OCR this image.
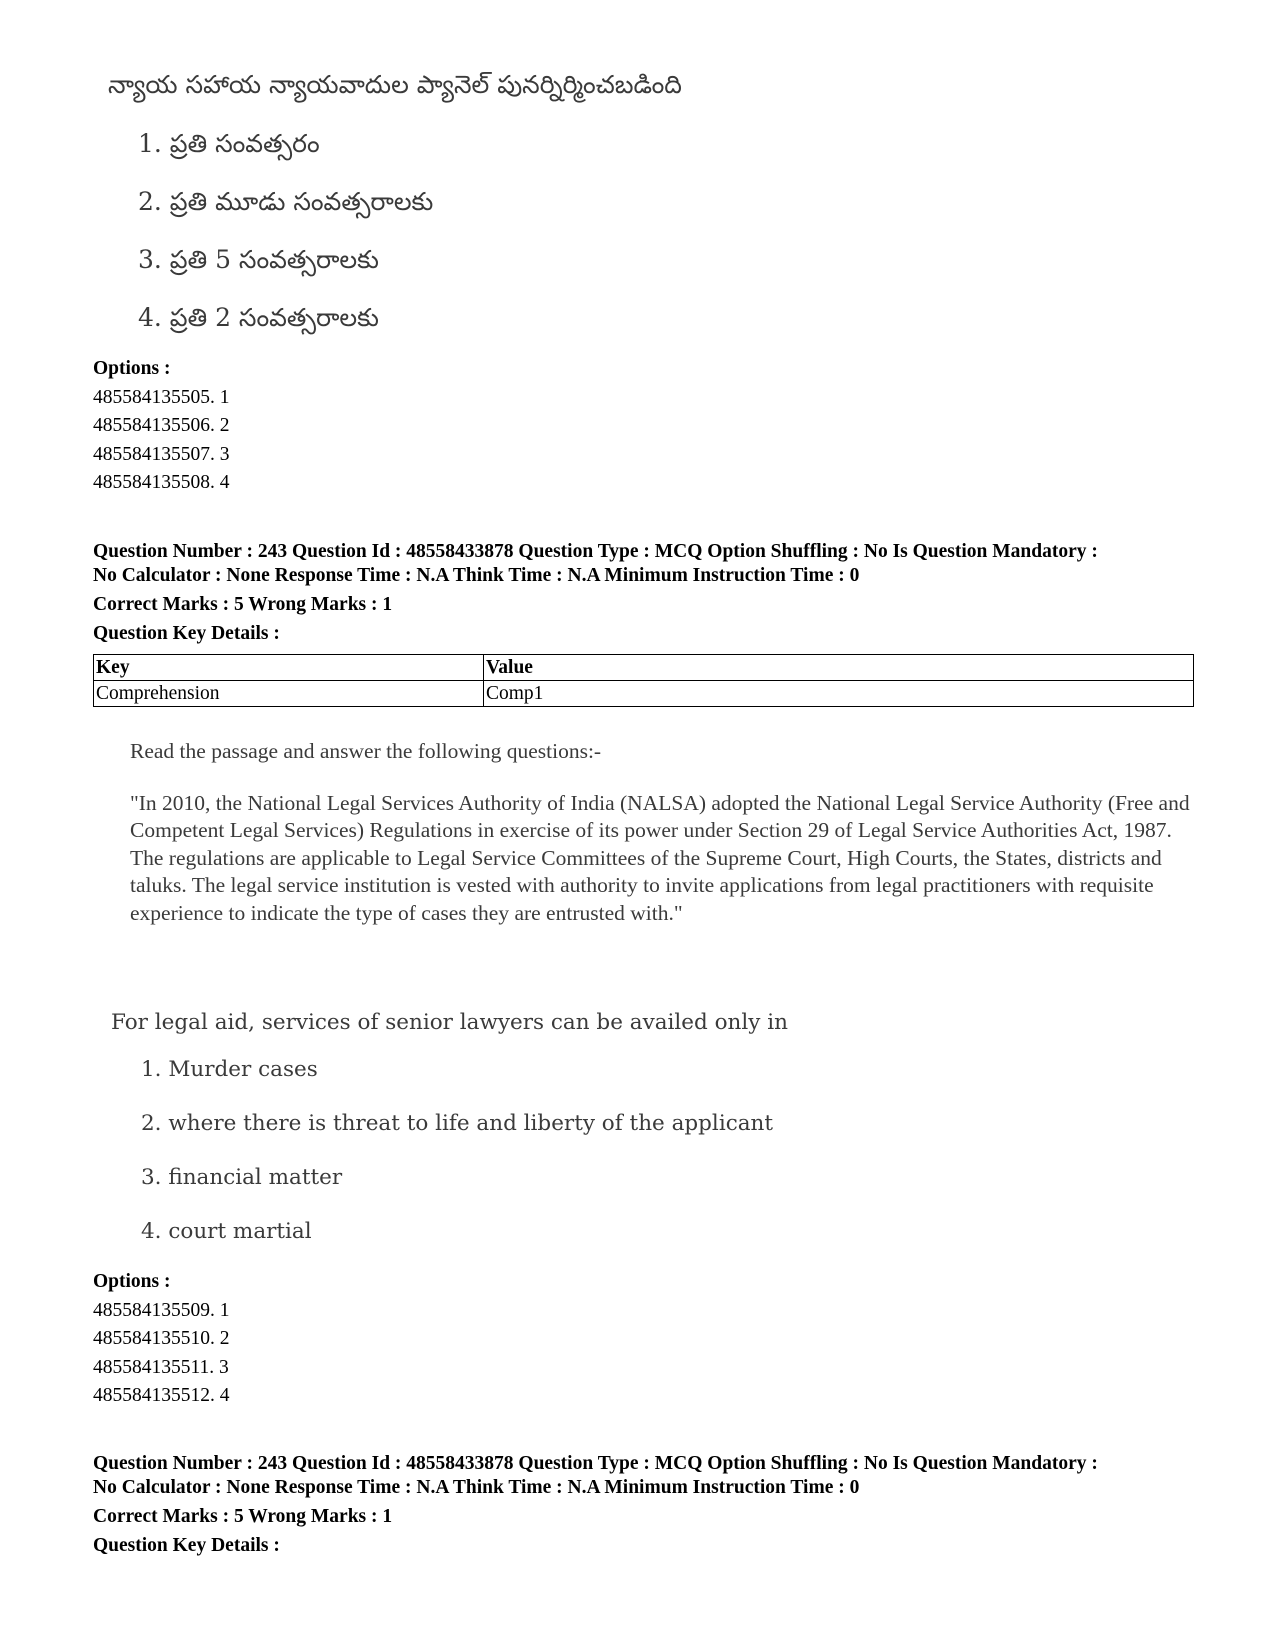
న్యాయ సహాయ న్యాయవాదుల ప్యానెల్ పునర్నిర్మించబడింది
1. ప్రతి సంవత్సరం
2. ప్రతి మూడు సంవత్సరాలకు
3. ప్రతి 5 సంవత్సరాలకు
4. ప్రతి 2 సంవత్సరాలకు
Options :
485584135505. 1
485584135506. 2
485584135507. 3
485584135508. 4
Question Number : 243 Question Id : 48558433878 Question Type : MCQ Option Shuffling : No Is Question Mandatory :
No Calculator : None Response Time : N.A Think Time : N.A Minimum Instruction Time : 0
Correct Marks : 5 Wrong Marks : 1
Question Key Details :
Key	Value
Comprehension	Comp1
Read the passage and answer the following questions:-
"In 2010, the National Legal Services Authority of India (NALSA) adopted the National Legal Service Authority (Free and Competent Legal Services) Regulations in exercise of its power under Section 29 of Legal Service Authorities Act, 1987. The regulations are applicable to Legal Service Committees of the Supreme Court, High Courts, the States, districts and taluks. The legal service institution is vested with authority to invite applications from legal practitioners with requisite experience to indicate the type of cases they are entrusted with."
For legal aid, services of senior lawyers can be availed only in
1. Murder cases
2. where there is threat to life and liberty of the applicant
3. financial matter
4. court martial
Options :
485584135509. 1
485584135510. 2
485584135511. 3
485584135512. 4
Question Number : 243 Question Id : 48558433878 Question Type : MCQ Option Shuffling : No Is Question Mandatory :
No Calculator : None Response Time : N.A Think Time : N.A Minimum Instruction Time : 0
Correct Marks : 5 Wrong Marks : 1
Question Key Details :
